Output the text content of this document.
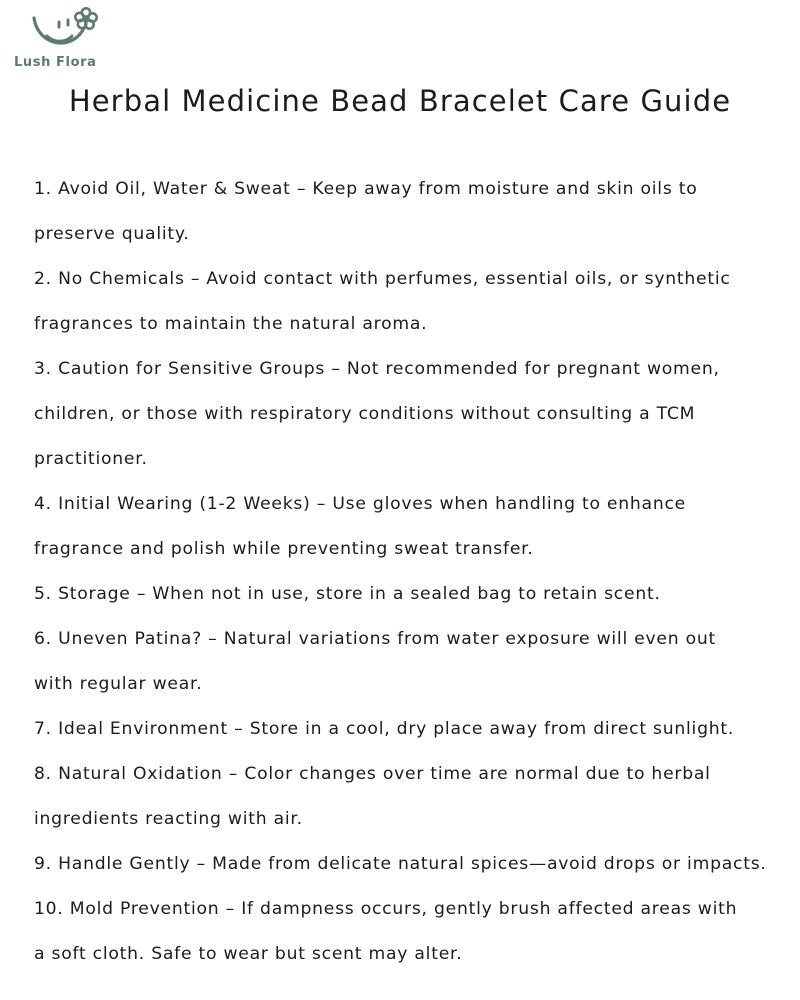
Lush Flora
Herbal Medicine Bead Bracelet Care Guide
1. Avoid Oil, Water & Sweat – Keep away from moisture and skin oils to
preserve quality.
2. No Chemicals – Avoid contact with perfumes, essential oils, or synthetic
fragrances to maintain the natural aroma.
3. Caution for Sensitive Groups – Not recommended for pregnant women,
children, or those with respiratory conditions without consulting a TCM
practitioner.
4. Initial Wearing (1-2 Weeks) – Use gloves when handling to enhance
fragrance and polish while preventing sweat transfer.
5. Storage – When not in use, store in a sealed bag to retain scent.
6. Uneven Patina? – Natural variations from water exposure will even out
with regular wear.
7. Ideal Environment – Store in a cool, dry place away from direct sunlight.
8. Natural Oxidation – Color changes over time are normal due to herbal
ingredients reacting with air.
9. Handle Gently – Made from delicate natural spices—avoid drops or impacts.
10. Mold Prevention – If dampness occurs, gently brush affected areas with
a soft cloth. Safe to wear but scent may alter.
